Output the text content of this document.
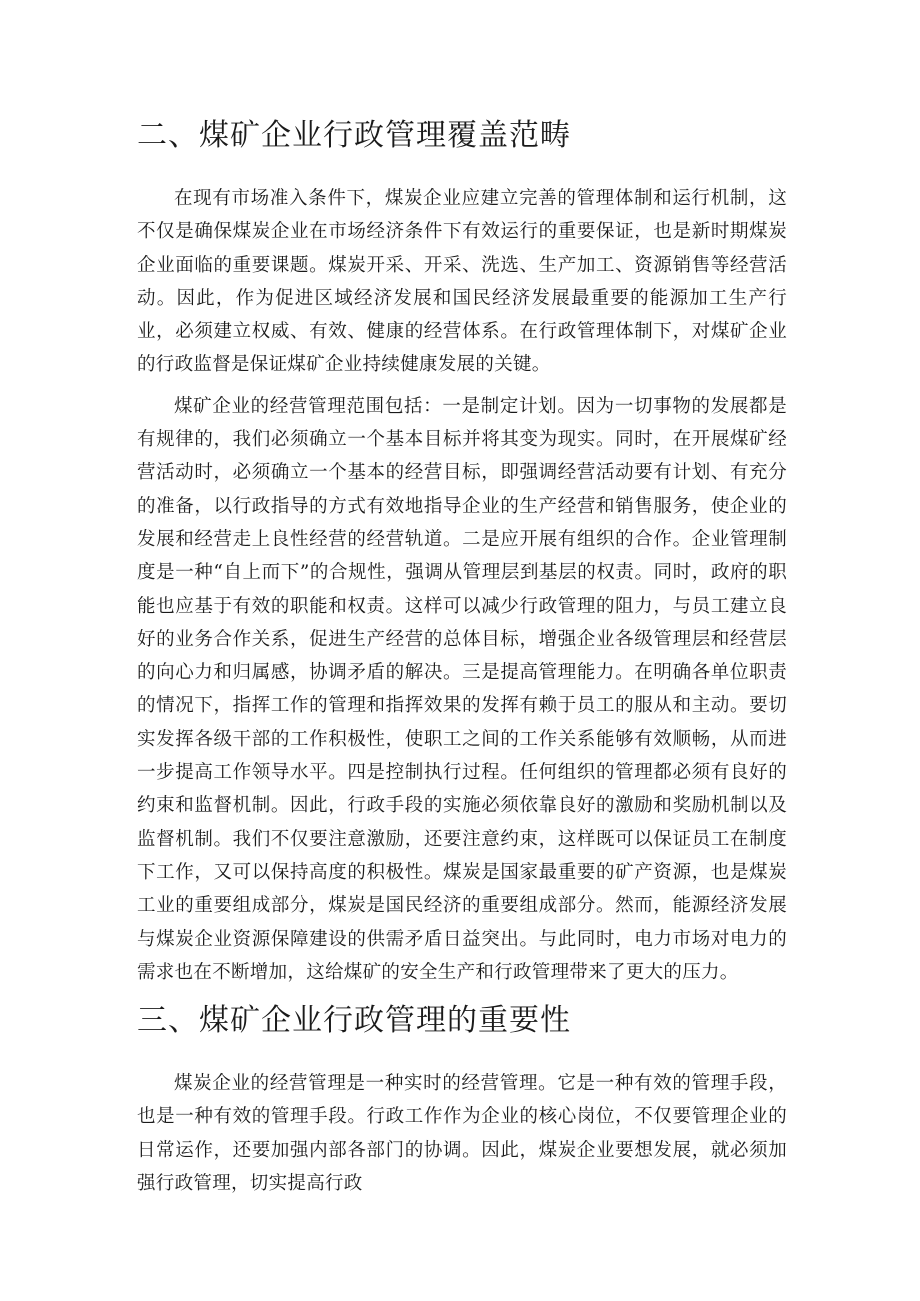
二、煤矿企业行政管理覆盖范畴

在现有市场准入条件下，煤炭企业应建立完善的管理体制和运行机制，这不仅是确保煤炭企业在市场经济条件下有效运行的重要保证，也是新时期煤炭企业面临的重要课题。煤炭开采、开采、洗选、生产加工、资源销售等经营活动。因此，作为促进区域经济发展和国民经济发展最重要的能源加工生产行业，必须建立权威、有效、健康的经营体系。在行政管理体制下，对煤矿企业的行政监督是保证煤矿企业持续健康发展的关键。

煤矿企业的经营管理范围包括：一是制定计划。因为一切事物的发展都是有规律的，我们必须确立一个基本目标并将其变为现实。同时，在开展煤矿经营活动时，必须确立一个基本的经营目标，即强调经营活动要有计划、有充分的准备，以行政指导的方式有效地指导企业的生产经营和销售服务，使企业的发展和经营走上良性经营的经营轨道。二是应开展有组织的合作。企业管理制度是一种“自上而下”的合规性，强调从管理层到基层的权责。同时，政府的职能也应基于有效的职能和权责。这样可以减少行政管理的阻力，与员工建立良好的业务合作关系，促进生产经营的总体目标，增强企业各级管理层和经营层的向心力和归属感，协调矛盾的解决。三是提高管理能力。在明确各单位职责的情况下，指挥工作的管理和指挥效果的发挥有赖于员工的服从和主动。要切实发挥各级干部的工作积极性，使职工之间的工作关系能够有效顺畅，从而进一步提高工作领导水平。四是控制执行过程。任何组织的管理都必须有良好的约束和监督机制。因此，行政手段的实施必须依靠良好的激励和奖励机制以及监督机制。我们不仅要注意激励，还要注意约束，这样既可以保证员工在制度下工作，又可以保持高度的积极性。煤炭是国家最重要的矿产资源，也是煤炭工业的重要组成部分，煤炭是国民经济的重要组成部分。然而，能源经济发展与煤炭企业资源保障建设的供需矛盾日益突出。与此同时，电力市场对电力的需求也在不断增加，这给煤矿的安全生产和行政管理带来了更大的压力。

三、煤矿企业行政管理的重要性

煤炭企业的经营管理是一种实时的经营管理。它是一种有效的管理手段，也是一种有效的管理手段。行政工作作为企业的核心岗位，不仅要管理企业的日常运作，还要加强内部各部门的协调。因此，煤炭企业要想发展，就必须加强行政管理，切实提高行政
